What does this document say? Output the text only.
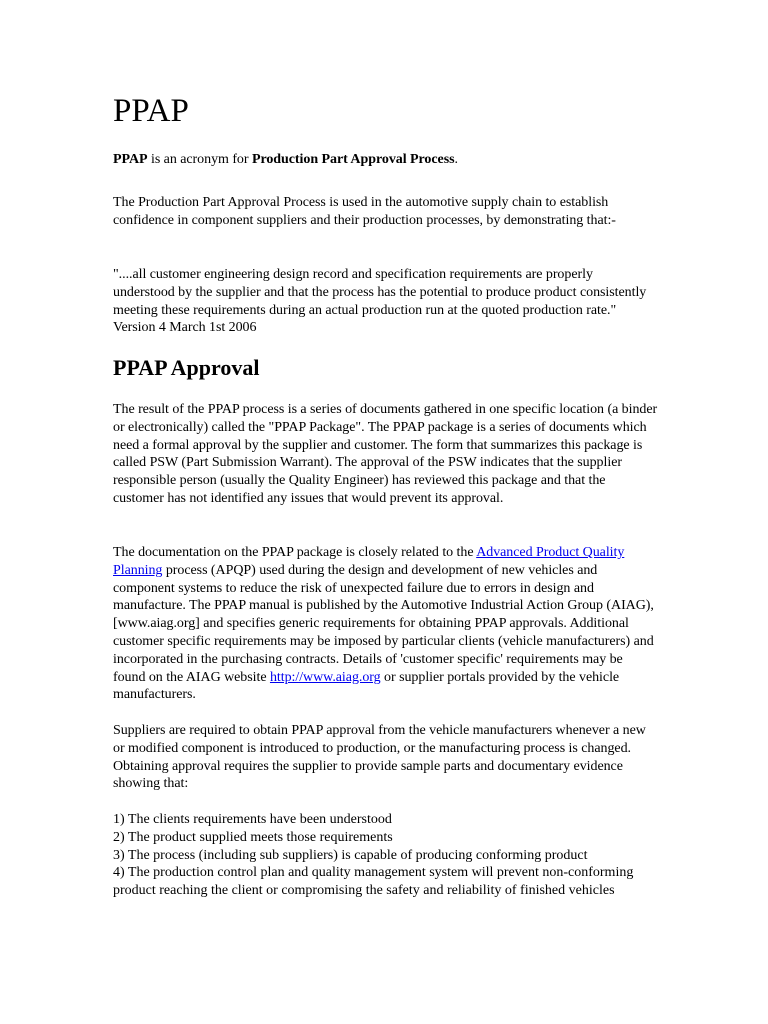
PPAP

PPAP is an acronym for Production Part Approval Process.

The Production Part Approval Process is used in the automotive supply chain to establish confidence in component suppliers and their production processes, by demonstrating that:-

"....all customer engineering design record and specification requirements are properly understood by the supplier and that the process has the potential to produce product consistently meeting these requirements during an actual production run at the quoted production rate." Version 4 March 1st 2006

PPAP Approval

The result of the PPAP process is a series of documents gathered in one specific location (a binder or electronically) called the "PPAP Package". The PPAP package is a series of documents which need a formal approval by the supplier and customer. The form that summarizes this package is called PSW (Part Submission Warrant). The approval of the PSW indicates that the supplier responsible person (usually the Quality Engineer) has reviewed this package and that the customer has not identified any issues that would prevent its approval.

The documentation on the PPAP package is closely related to the Advanced Product Quality Planning process (APQP) used during the design and development of new vehicles and component systems to reduce the risk of unexpected failure due to errors in design and manufacture. The PPAP manual is published by the Automotive Industrial Action Group (AIAG), [www.aiag.org] and specifies generic requirements for obtaining PPAP approvals. Additional customer specific requirements may be imposed by particular clients (vehicle manufacturers) and incorporated in the purchasing contracts. Details of 'customer specific' requirements may be found on the AIAG website http://www.aiag.org or supplier portals provided by the vehicle manufacturers.

Suppliers are required to obtain PPAP approval from the vehicle manufacturers whenever a new or modified component is introduced to production, or the manufacturing process is changed. Obtaining approval requires the supplier to provide sample parts and documentary evidence showing that:

1) The clients requirements have been understood
2) The product supplied meets those requirements
3) The process (including sub suppliers) is capable of producing conforming product
4) The production control plan and quality management system will prevent non-conforming product reaching the client or compromising the safety and reliability of finished vehicles
